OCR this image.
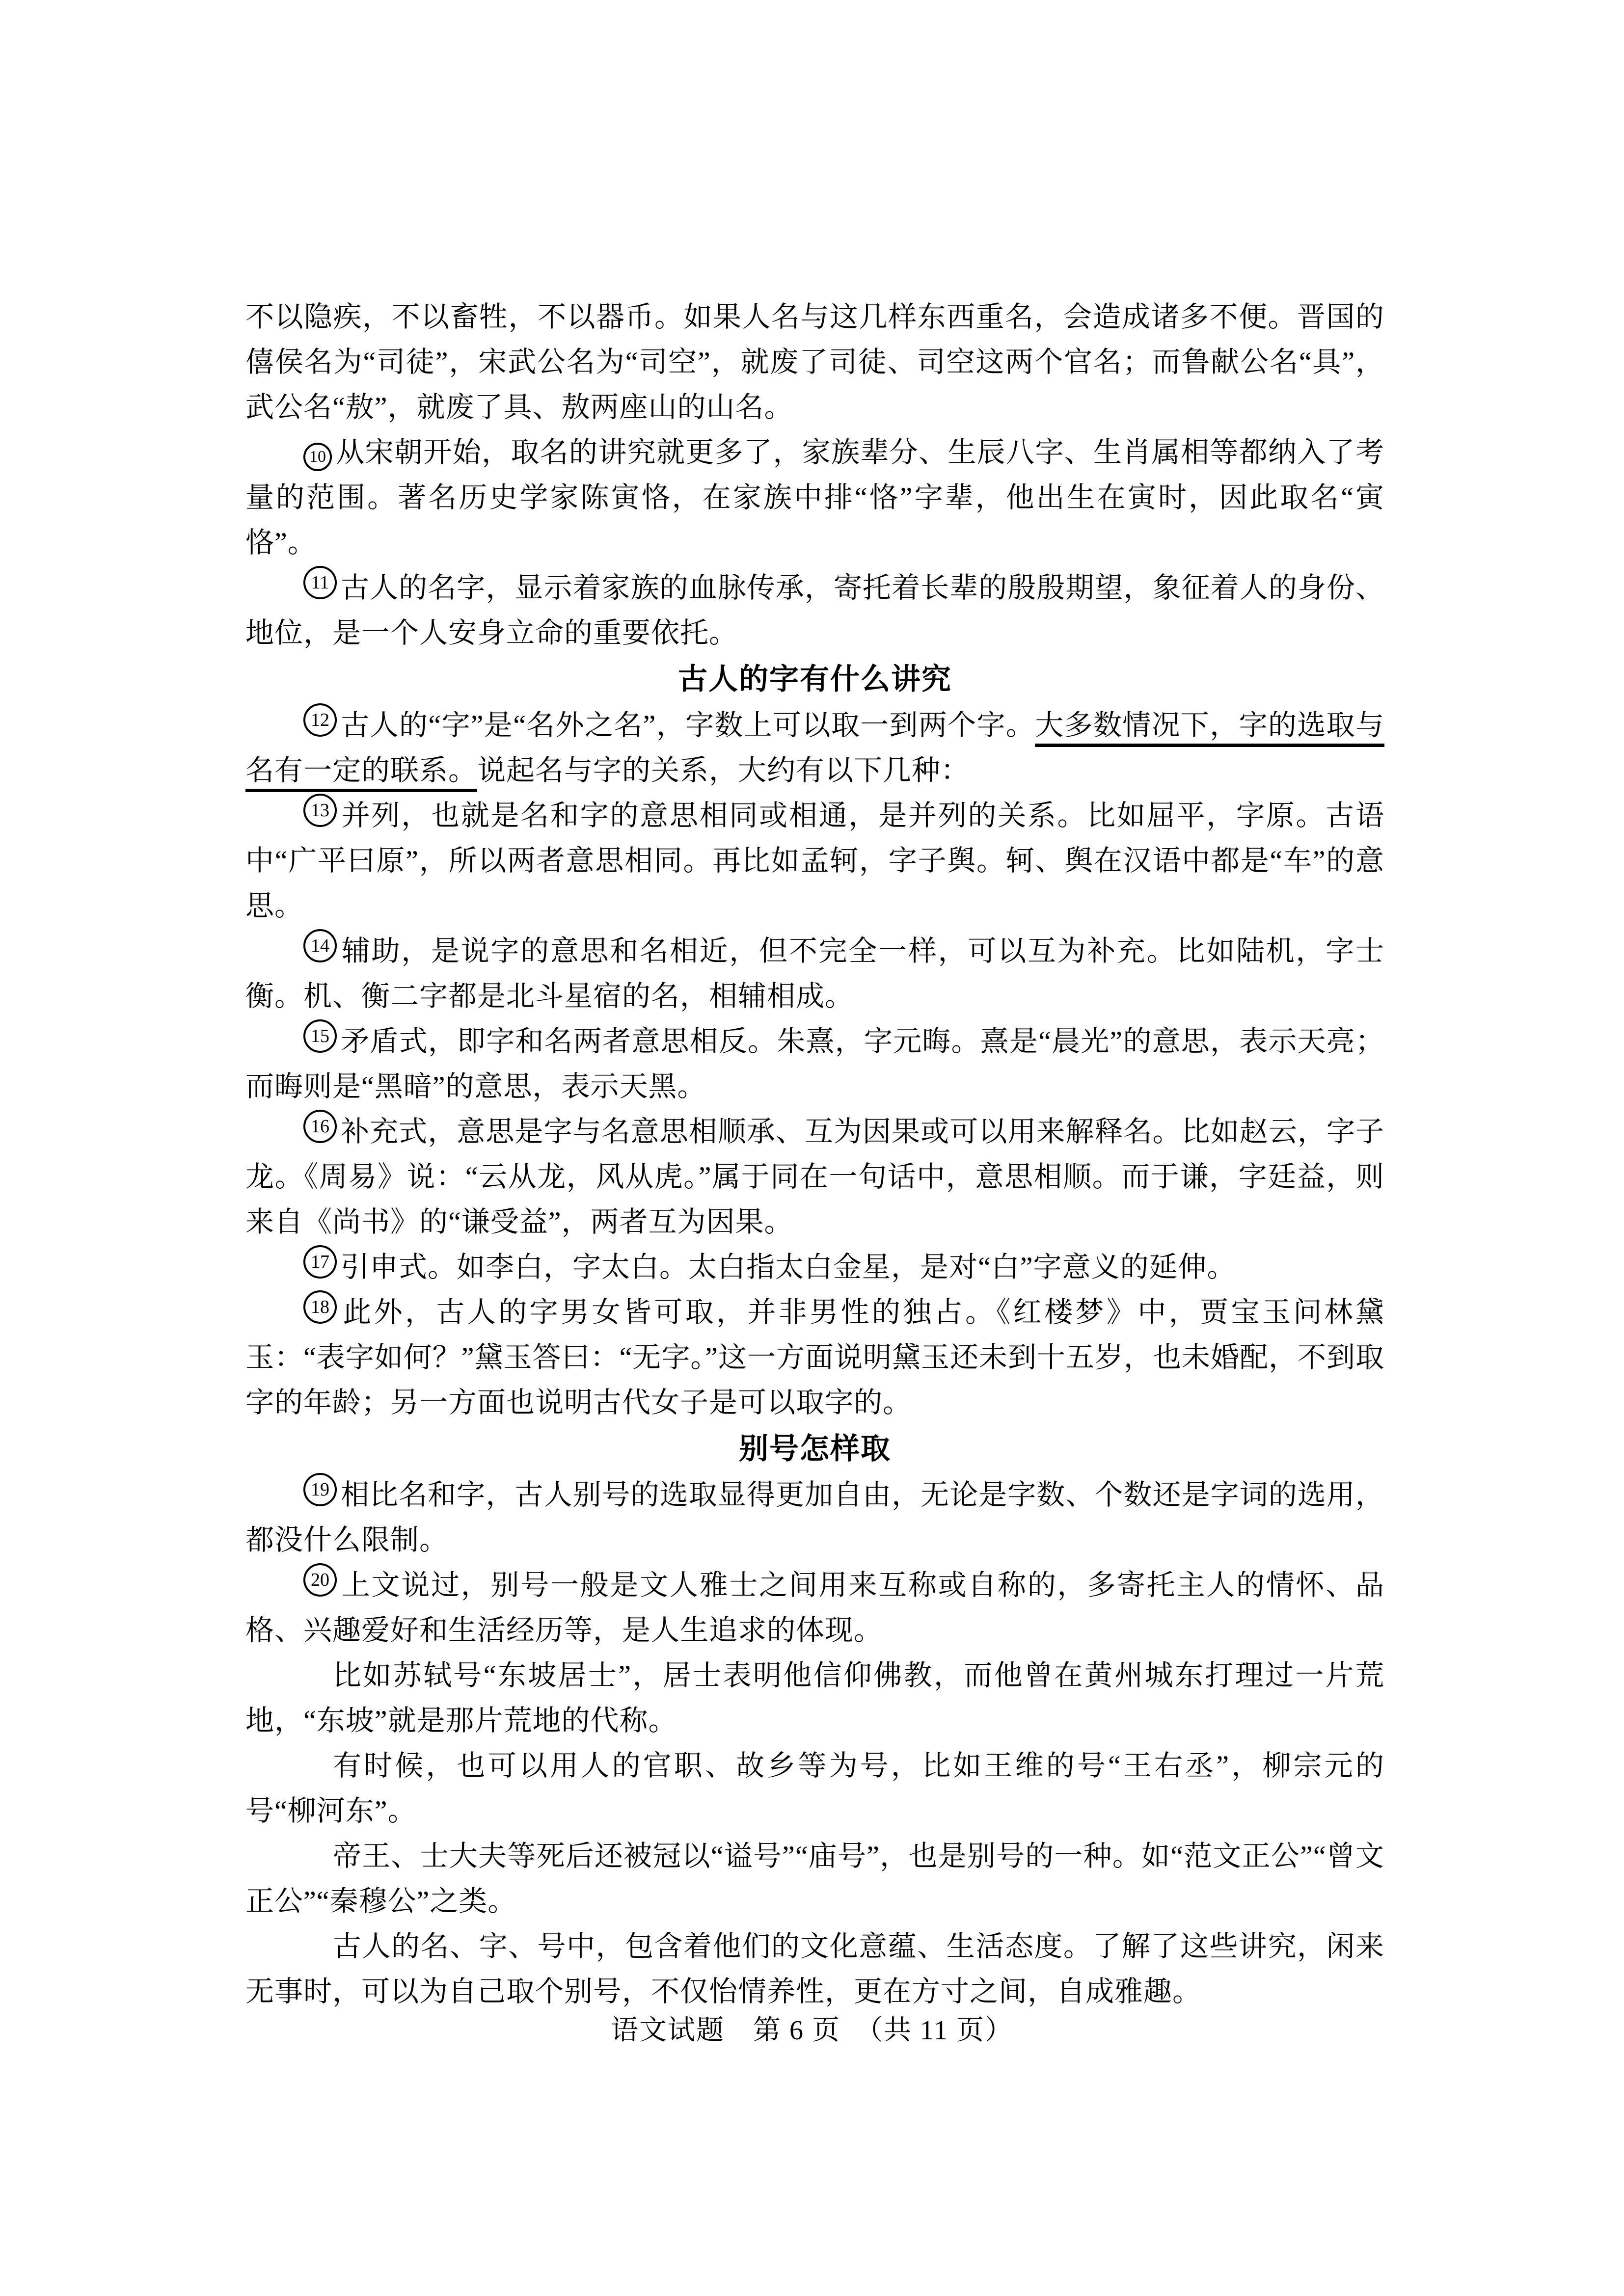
不以隐疾，不以畜牲，不以器币。如果人名与这几样东西重名，会造成诸多不便。晋国的僖侯名为“司徒”，宋武公名为“司空”，就废了司徒、司空这两个官名；而鲁献公名“具”，武公名“敖”，就废了具、敖两座山的山名。

10 从宋朝开始，取名的讲究就更多了，家族辈分、生辰八字、生肖属相等都纳入了考量的范围。著名历史学家陈寅恪，在家族中排“恪”字辈，他出生在寅时，因此取名“寅恪”。

11 古人的名字，显示着家族的血脉传承，寄托着长辈的殷殷期望，象征着人的身份、地位，是一个人安身立命的重要依托。

古人的字有什么讲究

12 古人的“字”是“名外之名”，字数上可以取一到两个字。大多数情况下，字的选取与名有一定的联系。说起名与字的关系，大约有以下几种：

13 并列，也就是名和字的意思相同或相通，是并列的关系。比如屈平，字原。古语中“广平曰原”，所以两者意思相同。再比如孟轲，字子舆。轲、舆在汉语中都是“车”的意思。

14 辅助，是说字的意思和名相近，但不完全一样，可以互为补充。比如陆机，字士衡。机、衡二字都是北斗星宿的名，相辅相成。

15 矛盾式，即字和名两者意思相反。朱熹，字元晦。熹是“晨光”的意思，表示天亮；而晦则是“黑暗”的意思，表示天黑。

16 补充式，意思是字与名意思相顺承、互为因果或可以用来解释名。比如赵云，字子龙。《周易》说：“云从龙，风从虎。”属于同在一句话中，意思相顺。而于谦，字廷益，则来自《尚书》的“谦受益”，两者互为因果。

17 引申式。如李白，字太白。太白指太白金星，是对“白”字意义的延伸。

18 此外，古人的字男女皆可取，并非男性的独占。《红楼梦》中，贾宝玉问林黛玉：“表字如何？”黛玉答曰：“无字。”这一方面说明黛玉还未到十五岁，也未婚配，不到取字的年龄；另一方面也说明古代女子是可以取字的。

别号怎样取

19 相比名和字，古人别号的选取显得更加自由，无论是字数、个数还是字词的选用，都没什么限制。

20 上文说过，别号一般是文人雅士之间用来互称或自称的，多寄托主人的情怀、品格、兴趣爱好和生活经历等，是人生追求的体现。

比如苏轼号“东坡居士”，居士表明他信仰佛教，而他曾在黄州城东打理过一片荒地，“东坡”就是那片荒地的代称。

有时候，也可以用人的官职、故乡等为号，比如王维的号“王右丞”，柳宗元的号“柳河东”。

帝王、士大夫等死后还被冠以“谥号”“庙号”，也是别号的一种。如“范文正公”“曾文正公”“秦穆公”之类。

古人的名、字、号中，包含着他们的文化意蕴、生活态度。了解了这些讲究，闲来无事时，可以为自己取个别号，不仅怡情养性，更在方寸之间，自成雅趣。

语文试题　第 6 页　（共 11 页）
